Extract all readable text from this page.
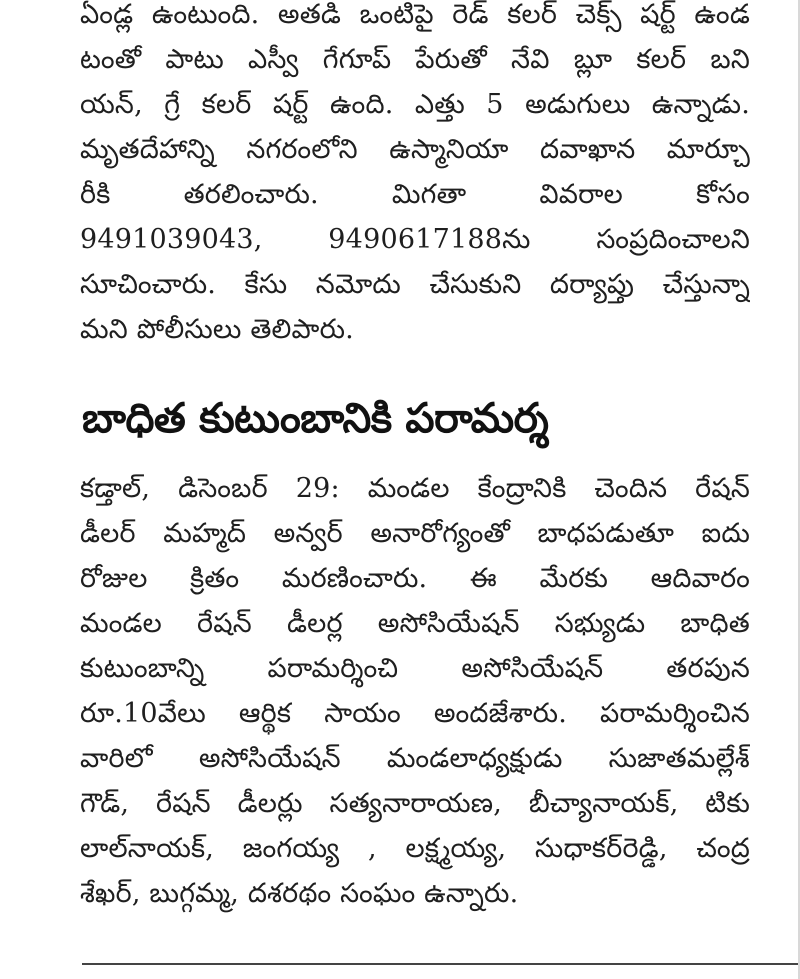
ఏండ్ల ఉంటుంది. అతడి ఒంటిపై రెడ్ కలర్ చెక్స్ షర్ట్ ఉండ
టంతో పాటు ఎస్వీ గేగూప్ పేరుతో నేవి బ్లూ కలర్ బని
యన్, గ్రే కలర్ షర్ట్ ఉంది. ఎత్తు 5 అడుగులు ఉన్నాడు.
మృతదేహాన్ని నగరంలోని ఉస్మానియా దవాఖాన మార్చూ
రీకి తరలించారు. మిగతా వివరాల కోసం
9491039043, 9490617188ను సంప్రదించాలని
సూచించారు. కేసు నమోదు చేసుకుని దర్యాప్తు చేస్తున్నా
మని పోలీసులు తెలిపారు.
బాధిత కుటుంబానికి పరామర్శ
కడ్తాల్, డిసెంబర్ 29: మండల కేంద్రానికి చెందిన రేషన్
డీలర్ మహ్మద్ అన్వర్ అనారోగ్యంతో బాధపడుతూ ఐదు
రోజుల క్రితం మరణించారు. ఈ మేరకు ఆదివారం
మండల రేషన్ డీలర్ల అసోసియేషన్ సభ్యుడు బాధిత
కుటుంబాన్ని పరామర్శించి అసోసియేషన్ తరపున
రూ.10వేలు ఆర్థిక సాయం అందజేశారు. పరామర్శించిన
వారిలో అసోసియేషన్ మండలాధ్యక్షుడు సుజాతమల్లేశ్
గౌడ్, రేషన్ డీలర్లు సత్యనారాయణ, బీచ్యానాయక్, టికు
లాల్‌నాయక్, జంగయ్య , లక్ష్మయ్య, సుధాకర్‌రెడ్డి, చంద్ర
శేఖర్, బుగ్గమ్మ, దశరథం సంఘం ఉన్నారు.
